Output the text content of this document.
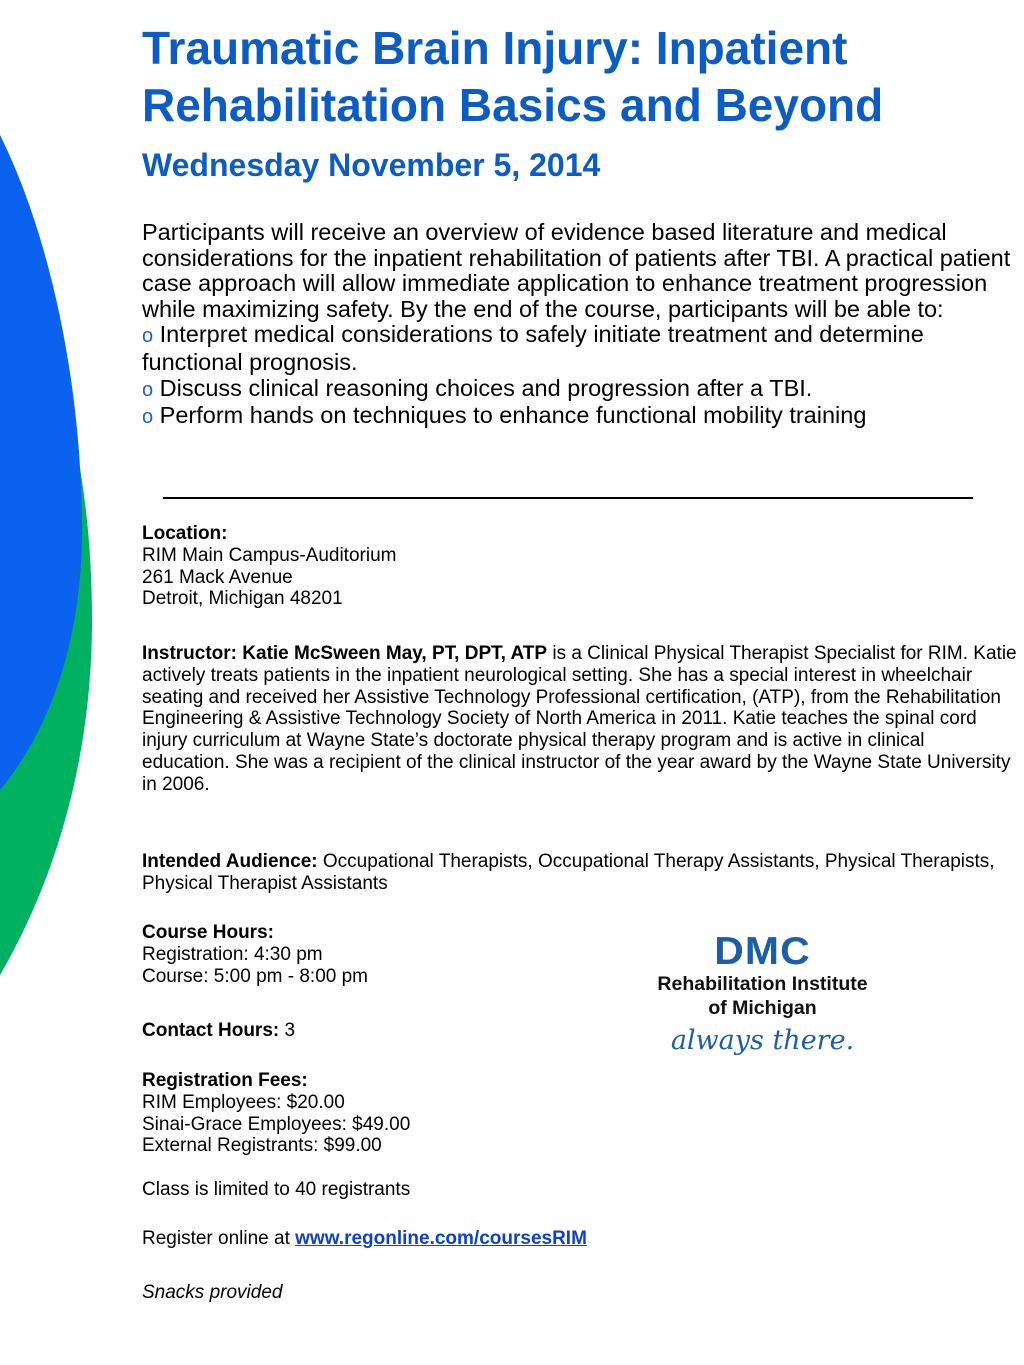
Traumatic Brain Injury: Inpatient Rehabilitation Basics and Beyond
Wednesday November 5, 2014

Participants will receive an overview of evidence based literature and medical considerations for the inpatient rehabilitation of patients after TBI. A practical patient case approach will allow immediate application to enhance treatment progression while maximizing safety. By the end of the course, participants will be able to:

o Interpret medical considerations to safely initiate treatment and determine functional prognosis.
o Discuss clinical reasoning choices and progression after a TBI.
o Perform hands on techniques to enhance functional mobility training

Location:

RIM Main Campus-Auditorium

261 Mack Avenue

Detroit, Michigan 48201

Instructor: Katie McSween May, PT, DPT, ATP is a Clinical Physical Therapist Specialist for RIM. Katie actively treats patients in the inpatient neurological setting. She has a special interest in wheelchair seating and received her Assistive Technology Professional certification, (ATP), from the Rehabilitation Engineering & Assistive Technology Society of North America in 2011. Katie teaches the spinal cord injury curriculum at Wayne State’s doctorate physical therapy program and is active in clinical education. She was a recipient of the clinical instructor of the year award by the Wayne State University in 2006.

Intended Audience: Occupational Therapists, Occupational Therapy Assistants, Physical Therapists, Physical Therapist Assistants

Course Hours:

Registration: 4:30 pm

Course: 5:00 pm - 8:00 pm

Contact Hours: 3

Registration Fees:

RIM Employees: $20.00

Sinai-Grace Employees: $49.00

External Registrants: $99.00

Class is limited to 40 registrants
Register online at www.regonline.com/coursesRIM
Snacks provided
DMC
Rehabilitation Institute
of Michigan
always there.
